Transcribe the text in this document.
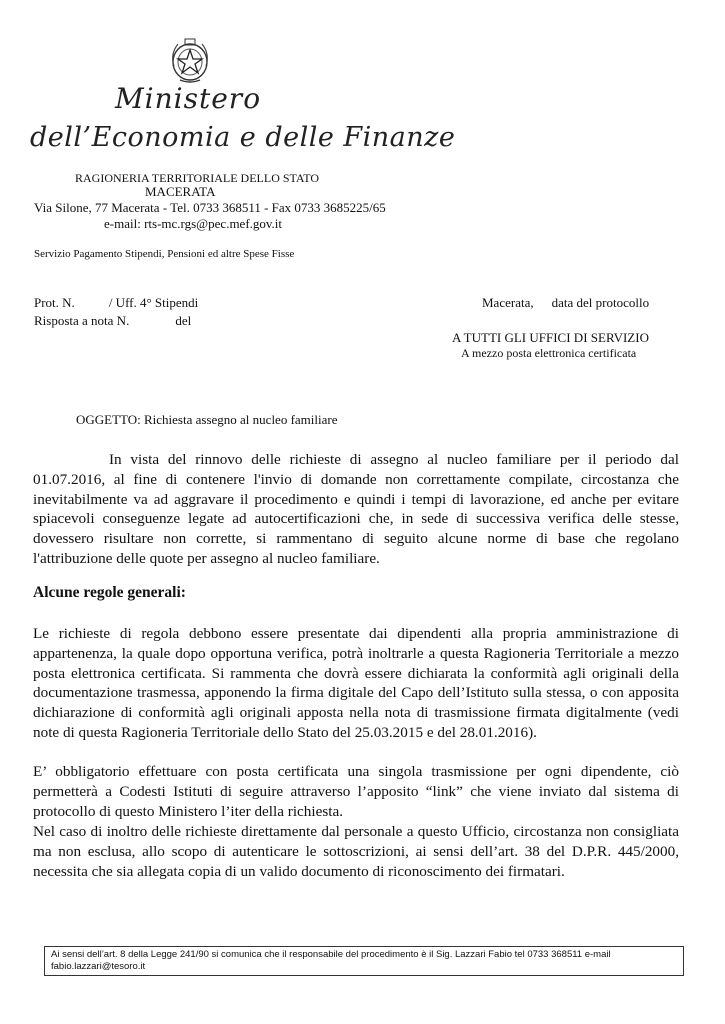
Ministero
dell’Economia e delle Finanze
RAGIONERIA TERRITORIALE DELLO STATO
MACERATA
Via Silone, 77 Macerata - Tel. 0733 368511 - Fax 0733 3685225/65
e-mail: rts-mc.rgs@pec.mef.gov.it
Servizio Pagamento Stipendi, Pensioni ed altre Spese Fisse
Prot. N.	/ Uff. 4° Stipendi
Risposta a nota N.	del
Macerata, data del protocollo
A TUTTI GLI UFFICI DI SERVIZIO
A mezzo posta elettronica certificata
OGGETTO: Richiesta assegno al nucleo familiare
In vista del rinnovo delle richieste di assegno al nucleo familiare per il periodo dal 01.07.2016, al fine di contenere l'invio di domande non correttamente compilate, circostanza che inevitabilmente va ad aggravare il procedimento e quindi i tempi di lavorazione, ed anche per evitare spiacevoli conseguenze legate ad autocertificazioni che, in sede di successiva verifica delle stesse, dovessero risultare non corrette, si rammentano di seguito alcune norme di base che regolano l'attribuzione delle quote per assegno al nucleo familiare.
Alcune regole generali:
Le richieste di regola debbono essere presentate dai dipendenti alla propria amministrazione di appartenenza, la quale dopo opportuna verifica, potrà inoltrarle a questa Ragioneria Territoriale a mezzo posta elettronica certificata. Si rammenta che dovrà essere dichiarata la conformità agli originali della documentazione trasmessa, apponendo la firma digitale del Capo dell’Istituto sulla stessa, o con apposita dichiarazione di conformità agli originali apposta nella nota di trasmissione firmata digitalmente (vedi note di questa Ragioneria Territoriale dello Stato del 25.03.2015 e del 28.01.2016).
E’ obbligatorio effettuare con posta certificata una singola trasmissione per ogni dipendente, ciò permetterà a Codesti Istituti di seguire attraverso l’apposito “link” che viene inviato dal sistema di protocollo di questo Ministero l’iter della richiesta.
Nel caso di inoltro delle richieste direttamente dal personale a questo Ufficio, circostanza non consigliata ma non esclusa, allo scopo di autenticare le sottoscrizioni, ai sensi dell’art. 38 del D.P.R. 445/2000, necessita che sia allegata copia di un valido documento di riconoscimento dei firmatari.
Ai sensi dell’art. 8 della Legge 241/90 si comunica che il responsabile del procedimento è il Sig. Lazzari Fabio tel 0733 368511 e-mail fabio.lazzari@tesoro.it
